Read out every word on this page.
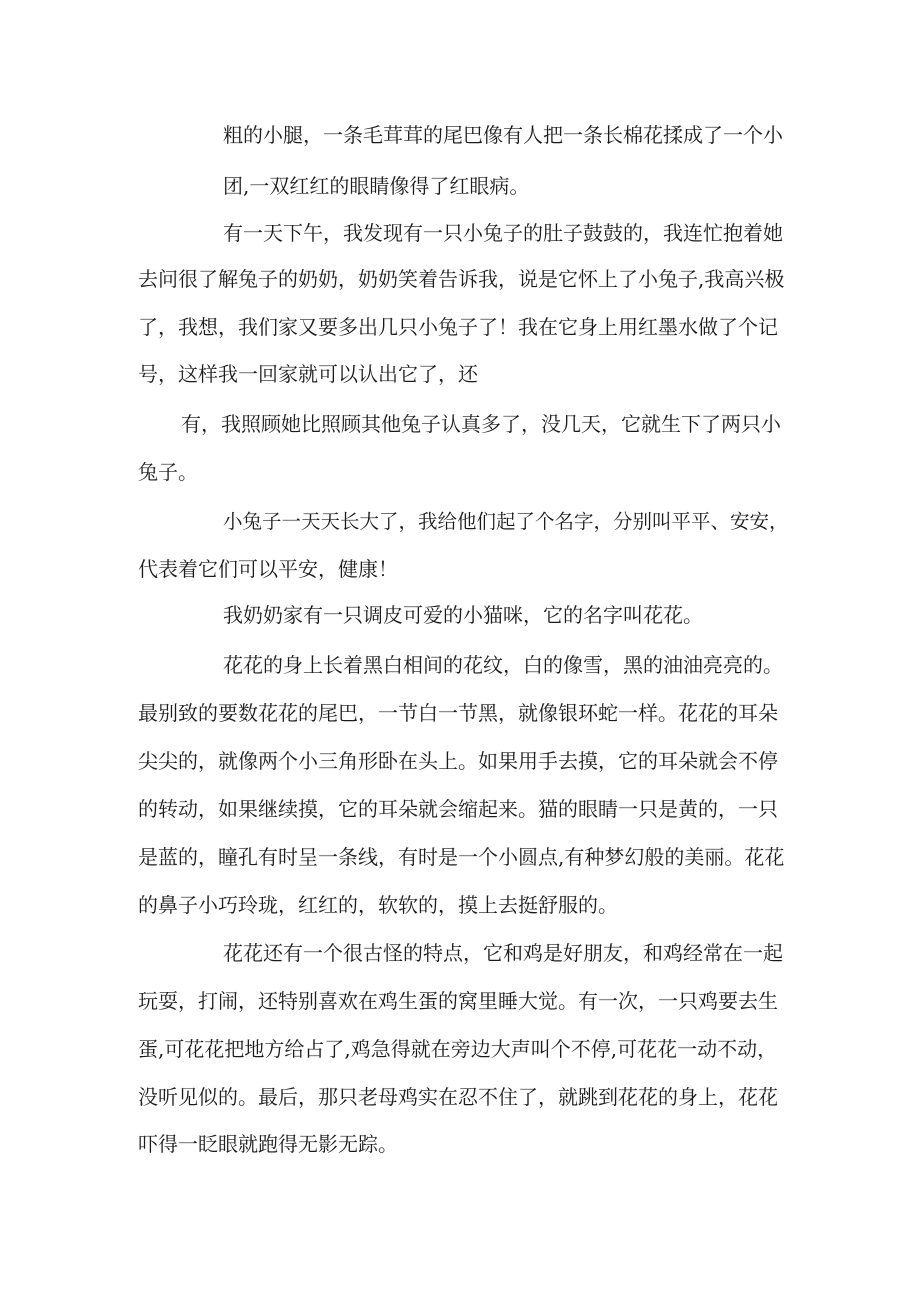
粗的小腿，一条毛茸茸的尾巴像有人把一条长棉花揉成了一个小

团,一双红红的眼睛像得了红眼病。

有一天下午，我发现有一只小兔子的肚子鼓鼓的，我连忙抱着她

去问很了解兔子的奶奶，奶奶笑着告诉我，说是它怀上了小兔子,我高兴极

了，我想，我们家又要多出几只小兔子了！我在它身上用红墨水做了个记

号，这样我一回家就可以认出它了，还

有，我照顾她比照顾其他兔子认真多了，没几天，它就生下了两只小

兔子。

小兔子一天天长大了，我给他们起了个名字，分别叫平平、安安，

代表着它们可以平安，健康！

我奶奶家有一只调皮可爱的小猫咪，它的名字叫花花。

花花的身上长着黑白相间的花纹，白的像雪，黑的油油亮亮的。

最别致的要数花花的尾巴，一节白一节黑，就像银环蛇一样。花花的耳朵

尖尖的，就像两个小三角形卧在头上。如果用手去摸，它的耳朵就会不停

的转动，如果继续摸，它的耳朵就会缩起来。猫的眼睛一只是黄的，一只

是蓝的，瞳孔有时呈一条线，有时是一个小圆点,有种梦幻般的美丽。花花

的鼻子小巧玲珑，红红的，软软的，摸上去挺舒服的。

花花还有一个很古怪的特点，它和鸡是好朋友，和鸡经常在一起

玩耍，打闹，还特别喜欢在鸡生蛋的窝里睡大觉。有一次，一只鸡要去生

蛋,可花花把地方给占了,鸡急得就在旁边大声叫个不停,可花花一动不动，

没听见似的。最后，那只老母鸡实在忍不住了，就跳到花花的身上，花花

吓得一眨眼就跑得无影无踪。
